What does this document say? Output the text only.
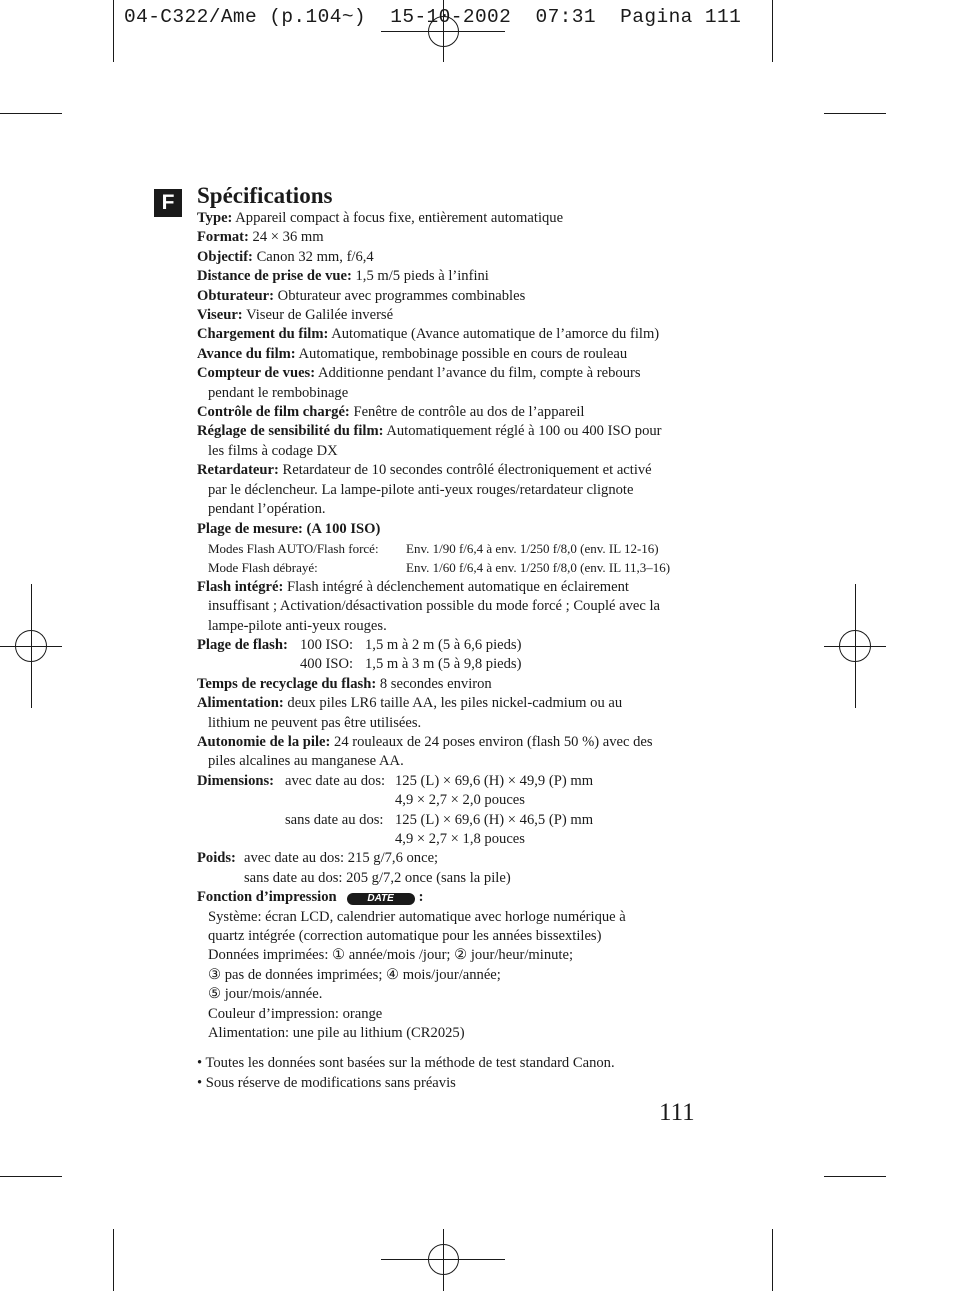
04-C322/Ame (p.104~)  15-10-2002  07:31  Pagina 111
F Spécifications
Type: Appareil compact à focus fixe, entièrement automatique
Format: 24 × 36 mm
Objectif: Canon 32 mm, f/6,4
Distance de prise de vue: 1,5 m/5 pieds à l’infini
Obturateur: Obturateur avec programmes combinables
Viseur: Viseur de Galilée inversé
Chargement du film: Automatique (Avance automatique de l’amorce du film)
Avance du film: Automatique, rembobinage possible en cours de rouleau
Compteur de vues: Additionne pendant l’avance du film, compte à rebours
pendant le rembobinage
Contrôle de film chargé: Fenêtre de contrôle au dos de l’appareil
Réglage de sensibilité du film: Automatiquement réglé à 100 ou 400 ISO pour
les films à codage DX
Retardateur: Retardateur de 10 secondes contrôlé électroniquement et activé
par le déclencheur. La lampe-pilote anti-yeux rouges/retardateur clignote
pendant l’opération.
Plage de mesure: (A 100 ISO)
Modes Flash AUTO/Flash forcé:	Env. 1/90 f/6,4 à env. 1/250 f/8,0 (env. IL 12-16)
Mode Flash débrayé:	Env. 1/60 f/6,4 à env. 1/250 f/8,0 (env. IL 11,3–16)
Flash intégré: Flash intégré à déclenchement automatique en éclairement
insuffisant ; Activation/désactivation possible du mode forcé ; Couplé avec la
lampe-pilote anti-yeux rouges.
Plage de flash: 100 ISO: 1,5 m à 2 m (5 à 6,6 pieds)
400 ISO: 1,5 m à 3 m (5 à 9,8 pieds)
Temps de recyclage du flash: 8 secondes environ
Alimentation: deux piles LR6 taille AA, les piles nickel-cadmium ou au
lithium ne peuvent pas être utilisées.
Autonomie de la pile: 24 rouleaux de 24 poses environ (flash 50 %) avec des
piles alcalines au manganese AA.
Dimensions: avec date au dos: 125 (L) × 69,6 (H) × 49,9 (P) mm
4,9 × 2,7 × 2,0 pouces
sans date au dos: 125 (L) × 69,6 (H) × 46,5 (P) mm
4,9 × 2,7 × 1,8 pouces
Poids: avec date au dos: 215 g/7,6 once;
sans date au dos: 205 g/7,2 once (sans la pile)
Fonction d’impression	DATE :
Système: écran LCD, calendrier automatique avec horloge numérique à
quartz intégrée (correction automatique pour les années bissextiles)
Données imprimées: ① année/mois /jour; ② jour/heur/minute;
③ pas de données imprimées; ④ mois/jour/année;
⑤ jour/mois/année.
Couleur d’impression: orange
Alimentation: une pile au lithium (CR2025)
• Toutes les données sont basées sur la méthode de test standard Canon.
• Sous réserve de modifications sans préavis
111
